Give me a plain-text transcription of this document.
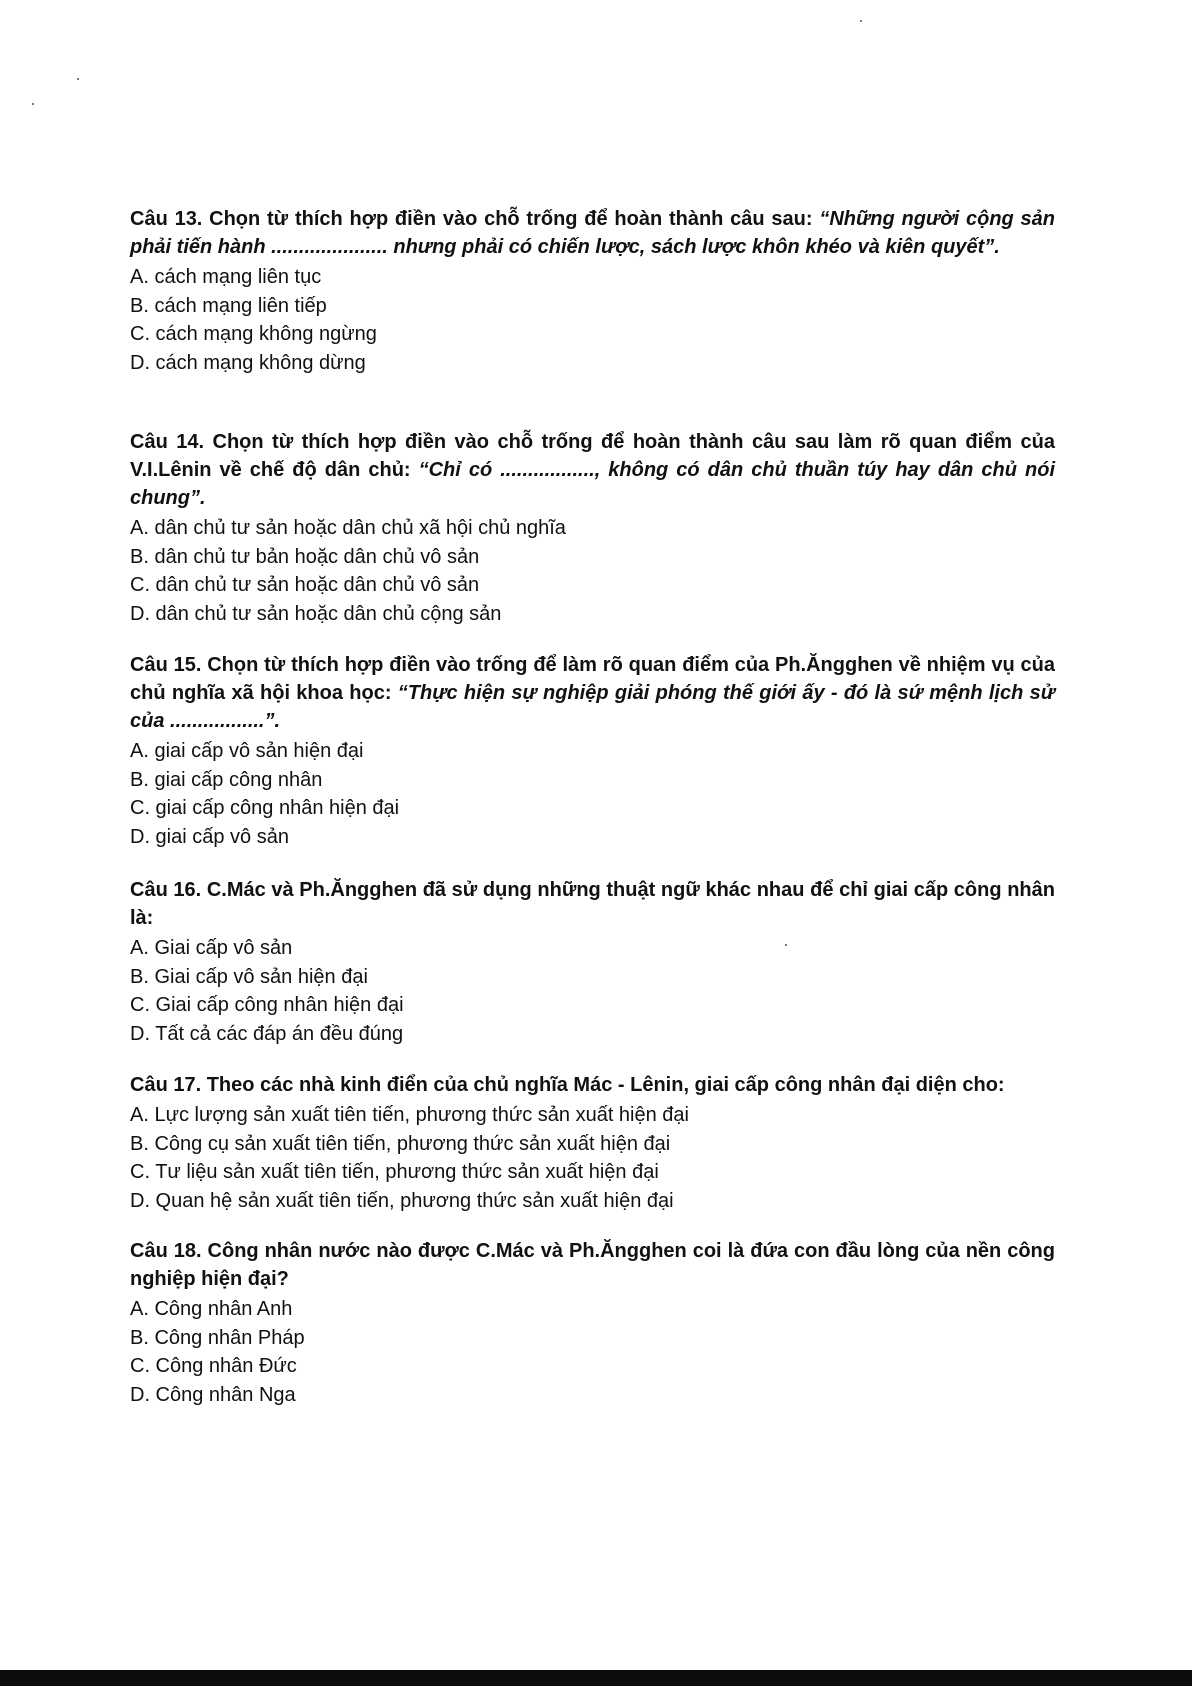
Câu 13. Chọn từ thích hợp điền vào chỗ trống để hoàn thành câu sau: “Những người cộng sản phải tiến hành ..................... nhưng phải có chiến lược, sách lược khôn khéo và kiên quyết”.

A. cách mạng liên tục
B. cách mạng liên tiếp
C. cách mạng không ngừng
D. cách mạng không dừng

Câu 14. Chọn từ thích hợp điền vào chỗ trống để hoàn thành câu sau làm rõ quan điểm của V.I.Lênin về chế độ dân chủ: “Chỉ có ................., không có dân chủ thuần túy hay dân chủ nói chung”.

A. dân chủ tư sản hoặc dân chủ xã hội chủ nghĩa
B. dân chủ tư bản hoặc dân chủ vô sản
C. dân chủ tư sản hoặc dân chủ vô sản
D. dân chủ tư sản hoặc dân chủ cộng sản

Câu 15. Chọn từ thích hợp điền vào trống để làm rõ quan điểm của Ph.Ăngghen về nhiệm vụ của chủ nghĩa xã hội khoa học: “Thực hiện sự nghiệp giải phóng thế giới ấy - đó là sứ mệnh lịch sử của .................”.

A. giai cấp vô sản hiện đại
B. giai cấp công nhân
C. giai cấp công nhân hiện đại
D. giai cấp vô sản

Câu 16. C.Mác và Ph.Ăngghen đã sử dụng những thuật ngữ khác nhau để chỉ giai cấp công nhân là:

A. Giai cấp vô sản
B. Giai cấp vô sản hiện đại
C. Giai cấp công nhân hiện đại
D. Tất cả các đáp án đều đúng

Câu 17. Theo các nhà kinh điển của chủ nghĩa Mác - Lênin, giai cấp công nhân đại diện cho:

A. Lực lượng sản xuất tiên tiến, phương thức sản xuất hiện đại
B. Công cụ sản xuất tiên tiến, phương thức sản xuất hiện đại
C. Tư liệu sản xuất tiên tiến, phương thức sản xuất hiện đại
D. Quan hệ sản xuất tiên tiến, phương thức sản xuất hiện đại

Câu 18. Công nhân nước nào được C.Mác và Ph.Ăngghen coi là đứa con đầu lòng của nền công nghiệp hiện đại?

A. Công nhân Anh
B. Công nhân Pháp
C. Công nhân Đức
D. Công nhân Nga
